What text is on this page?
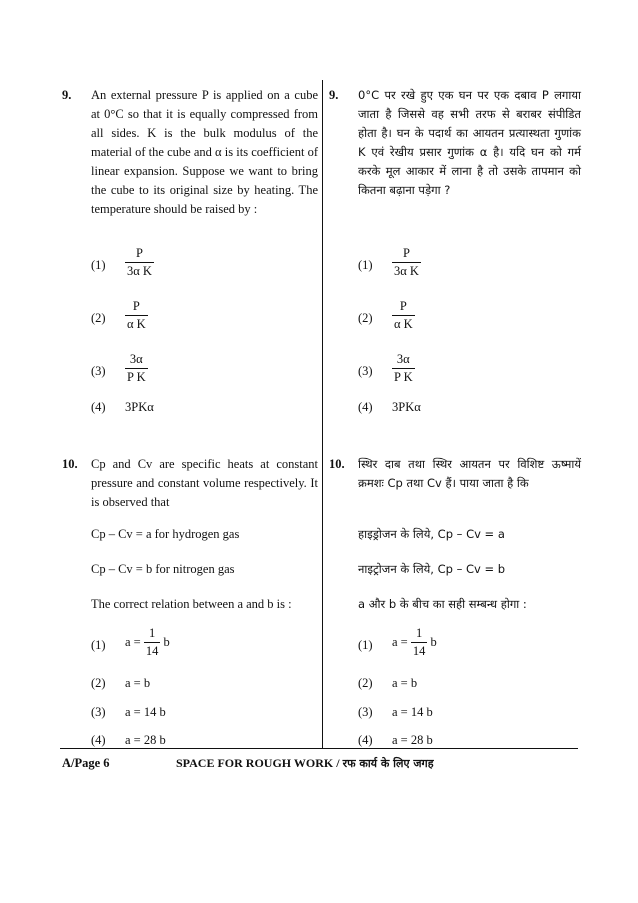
9. An external pressure P is applied on a cube at 0°C so that it is equally compressed from all sides. K is the bulk modulus of the material of the cube and α is its coefficient of linear expansion. Suppose we want to bring the cube to its original size by heating. The temperature should be raised by :
$(1) \frac{P}{\text{3α K}}$
$(2) \frac{P}{\text{α K}}$
$(3) \frac{3\alpha}{\text{P K}}$
(4) 3PKα
10. Cp and Cv are specific heats at constant pressure and constant volume respectively. It is observed that
Cp – Cv = a for hydrogen gas
Cp – Cv = b for nitrogen gas
The correct relation between a and b is :
(1) $a = \frac{1}{14}$ b
(2) a = b
(3) a = 14 b
(4) a = 28 b
9. 0°C पर रखे हुए एक घन पर एक दबाव P लगाया जाता है जिससे वह सभी तरफ से बराबर संपीडित होता है। घन के पदार्थ का आयतन प्रत्यास्थता गुणांक K एवं रेखीय प्रसार गुणांक α है। यदि घन को गर्म करके मूल आकार में लाना है तो उसके तापमान को कितना बढ़ाना पड़ेगा ?
$(1) \frac{P}{\text{3α K}}$
$(2) \frac{P}{\text{α K}}$
$(3) \frac{3\alpha}{\text{P K}}$
(4) 3PKα
10. स्थिर दाब तथा स्थिर आयतन पर विशिष्ट ऊष्मायें क्रमशः Cp तथा Cv हैं। पाया जाता है कि
हाइड्रोजन के लिये, Cp – Cv = a
नाइट्रोजन के लिये, Cp – Cv = b
a और b के बीच का सही सम्बन्ध होगा :
(1) $a = \frac{1}{14}$ b
(2) a = b
(3) a = 14 b
(4) a = 28 b
A/Page 6	SPACE FOR ROUGH WORK / रफ कार्य के लिए जगह
